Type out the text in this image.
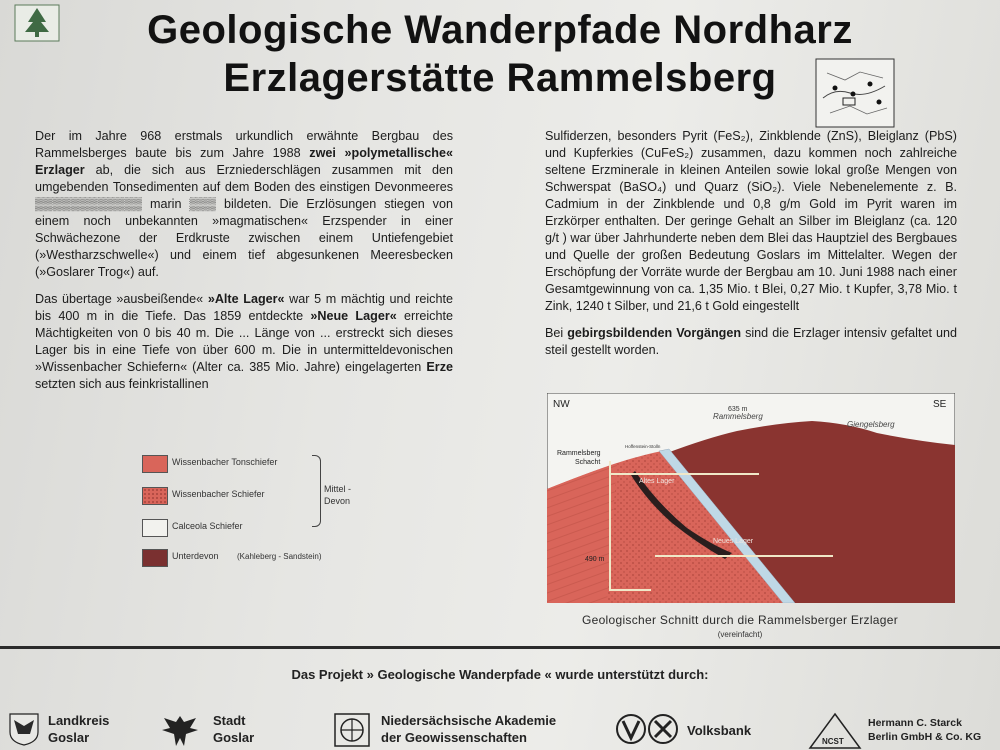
Geologische Wanderpfade Nordharz
Erzlagerstätte Rammelsberg

Der im Jahre 968 erstmals urkundlich erwähnte Bergbau des Rammelsberges baute bis zum Jahre 1988 zwei »polymetallische« Erzlager ab, die sich aus Erzniederschlägen zusammen mit den umgebenden Tonsedimenten auf dem Boden des einstigen Devonmeeres ▒▒▒▒▒▒▒▒▒▒▒▒ marin ▒▒▒ bildeten. Die Erzlösungen stiegen von einem noch unbekannten »magmatischen« Erzspender in einer Schwächezone der Erdkruste zwischen einem Untiefengebiet (»Westharzschwelle«) und einem tief abgesunkenen Meeresbecken (»Goslarer Trog«) auf.

Das übertage »ausbeißende« »Alte Lager« war 5 m mächtig und reichte bis 400 m in die Tiefe. Das 1859 entdeckte »Neue Lager« erreichte Mächtigkeiten von 0 bis 40 m. Die ... Länge von ... erstreckt sich dieses Lager bis in eine Tiefe von über 600 m. Die in untermitteldevonischen »Wissenbacher Schiefern« (Alter ca. 385 Mio. Jahre) eingelagerten Erze setzten sich aus feinkristallinen

Sulfiderzen, besonders Pyrit (FeS₂), Zinkblende (ZnS), Bleiglanz (PbS) und Kupferkies (CuFeS₂) zusammen, dazu kommen noch zahlreiche seltene Erzminerale in kleinen Anteilen sowie lokal große Mengen von Schwerspat (BaSO₄) und Quarz (SiO₂). Viele Nebenelemente z. B. Cadmium in der Zinkblende und 0,8 g/m Gold im Pyrit waren im Erzkörper enthalten. Der geringe Gehalt an Silber im Bleiglanz (ca. 120 g/t ) war über Jahrhunderte neben dem Blei das Hauptziel des Bergbaues und Quelle der großen Bedeutung Goslars im Mittelalter. Wegen der Erschöpfung der Vorräte wurde der Bergbau am 10. Juni 1988 nach einer Gesamtgewinnung von ca. 1,35 Mio. t Blei, 0,27 Mio. t Kupfer, 3,78 Mio. t Zink, 1240 t Silber, und 21,6 t Gold eingestellt

Bei gebirgsbildenden Vorgängen sind die Erzlager intensiv gefaltet und steil gestellt worden.

Wissenbacher Tonschiefer
Wissenbacher Schiefer
Calceola Schiefer
Unterdevon (Kahleberg - Sandstein)
Mittel -
Devon
NW	SE
635 m
Rammelsberg
Giengelsberg
Rammelsberg
Schacht
Hoffenstein-Stolln
Altes Lager
Neues Lager
490 m
Geologischer Schnitt durch die Rammelsberger Erzlager
(vereinfacht)
Das Projekt » Geologische Wanderpfade « wurde unterstützt durch:
Landkreis
Goslar
Stadt
Goslar
Niedersächsische Akademie
der Geowissenschaften	Volksbank
NCST
Hermann C. Starck
Berlin GmbH & Co. KG
